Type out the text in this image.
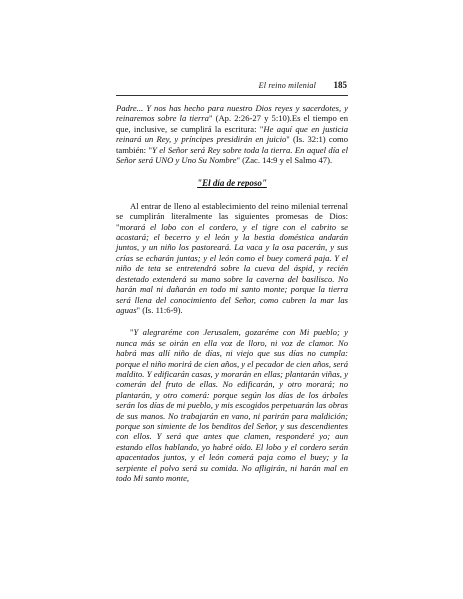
El reino milenial 185

Padre... Y nos has hecho para nuestro Dios reyes y sacerdotes, y reinaremos sobre la tierra" (Ap. 2:26-27 y 5:10).Es el tiempo en que, inclusive, se cumplirá la escritura: "He aquí que en justicia reinará un Rey, y príncipes presidirán en juicio" (Is. 32:1) como también: "Y el Señor será Rey sobre toda la tierra. En aquel día el Señor será UNO y Uno Su Nombre" (Zac. 14:9 y el Salmo 47).

"El día de reposo"

Al entrar de lleno al establecimiento del reino milenial terrenal se cumplirán literalmente las siguientes promesas de Dios: "morará el lobo con el cordero, y el tigre con el cabrito se acostará; el becerro y el león y la bestia doméstica andarán juntos, y un niño los pastoreará. La vaca y la osa pacerán, y sus crías se echarán juntas; y el león como el buey comerá paja. Y el niño de teta se entretendrá sobre la cueva del áspid, y recién destetado extenderá su mano sobre la caverna del basilisco. No harán mal ni dañarán en todo mi santo monte; porque la tierra será llena del conocimiento del Señor, como cubren la mar las aguas" (Is. 11:6-9).

"Y alegraréme con Jerusalem, gozaréme con Mi pueblo; y nunca más se oirán en ella voz de lloro, ni voz de clamor. No habrá mas allí niño de días, ni viejo que sus días no cumpla: porque el niño morirá de cien años, y el pecador de cien años, será maldito. Y edificarán casas, y morarán en ellas; plantarán viñas, y comerán del fruto de ellas. No edificarán, y otro morará; no plantarán, y otro comerá: porque según los días de los árboles serán los días de mi pueblo, y mis escogidos perpetuarán las obras de sus manos. No trabajarán en vano, ni parirán para maldición; porque son simiente de los benditos del Señor, y sus descendientes con ellos. Y será que antes que clamen, responderé yo; aun estando ellos hablando, yo habré oído. El lobo y el cordero serán apacentados juntos, y el león comerá paja como el buey; y la serpiente el polvo será su comida. No afligirán, ni harán mal en todo Mi santo monte,
